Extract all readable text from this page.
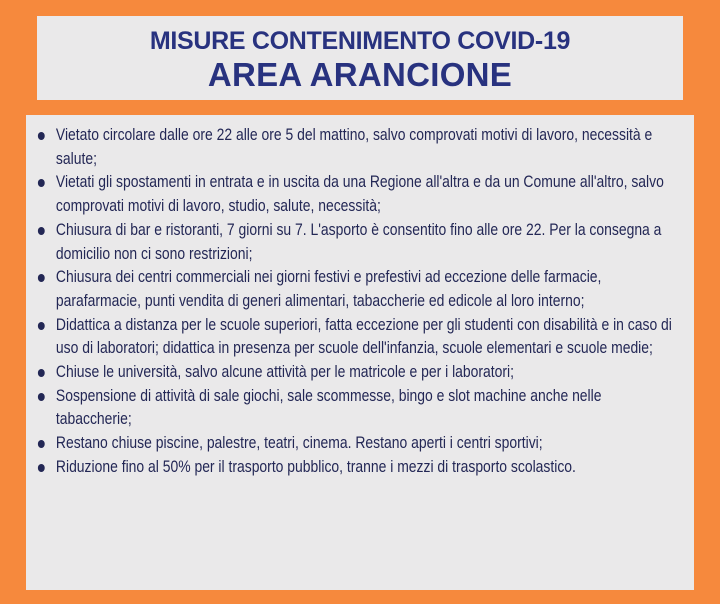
MISURE CONTENIMENTO COVID-19
AREA ARANCIONE
Vietato circolare dalle ore 22 alle ore 5 del mattino, salvo comprovati motivi di lavoro, necessità e salute;
Vietati gli spostamenti in entrata e in uscita da una Regione all'altra e da un Comune all'altro, salvo comprovati motivi di lavoro, studio, salute, necessità;
Chiusura di bar e ristoranti, 7 giorni su 7. L'asporto è consentito fino alle ore 22. Per la consegna a domicilio non ci sono restrizioni;
Chiusura dei centri commerciali nei giorni festivi e prefestivi ad eccezione delle farmacie, parafarmacie, punti vendita di generi alimentari, tabaccherie ed edicole al loro interno;
Didattica a distanza per le scuole superiori, fatta eccezione per gli studenti con disabilità e in caso di uso di laboratori; didattica in presenza per scuole dell'infanzia, scuole elementari e scuole medie;
Chiuse le università, salvo alcune attività per le matricole e per i laboratori;
Sospensione di attività di sale giochi, sale scommesse, bingo e slot machine anche nelle tabaccherie;
Restano chiuse piscine, palestre, teatri, cinema. Restano aperti i centri sportivi;
Riduzione fino al 50% per il trasporto pubblico, tranne i mezzi di trasporto scolastico.
